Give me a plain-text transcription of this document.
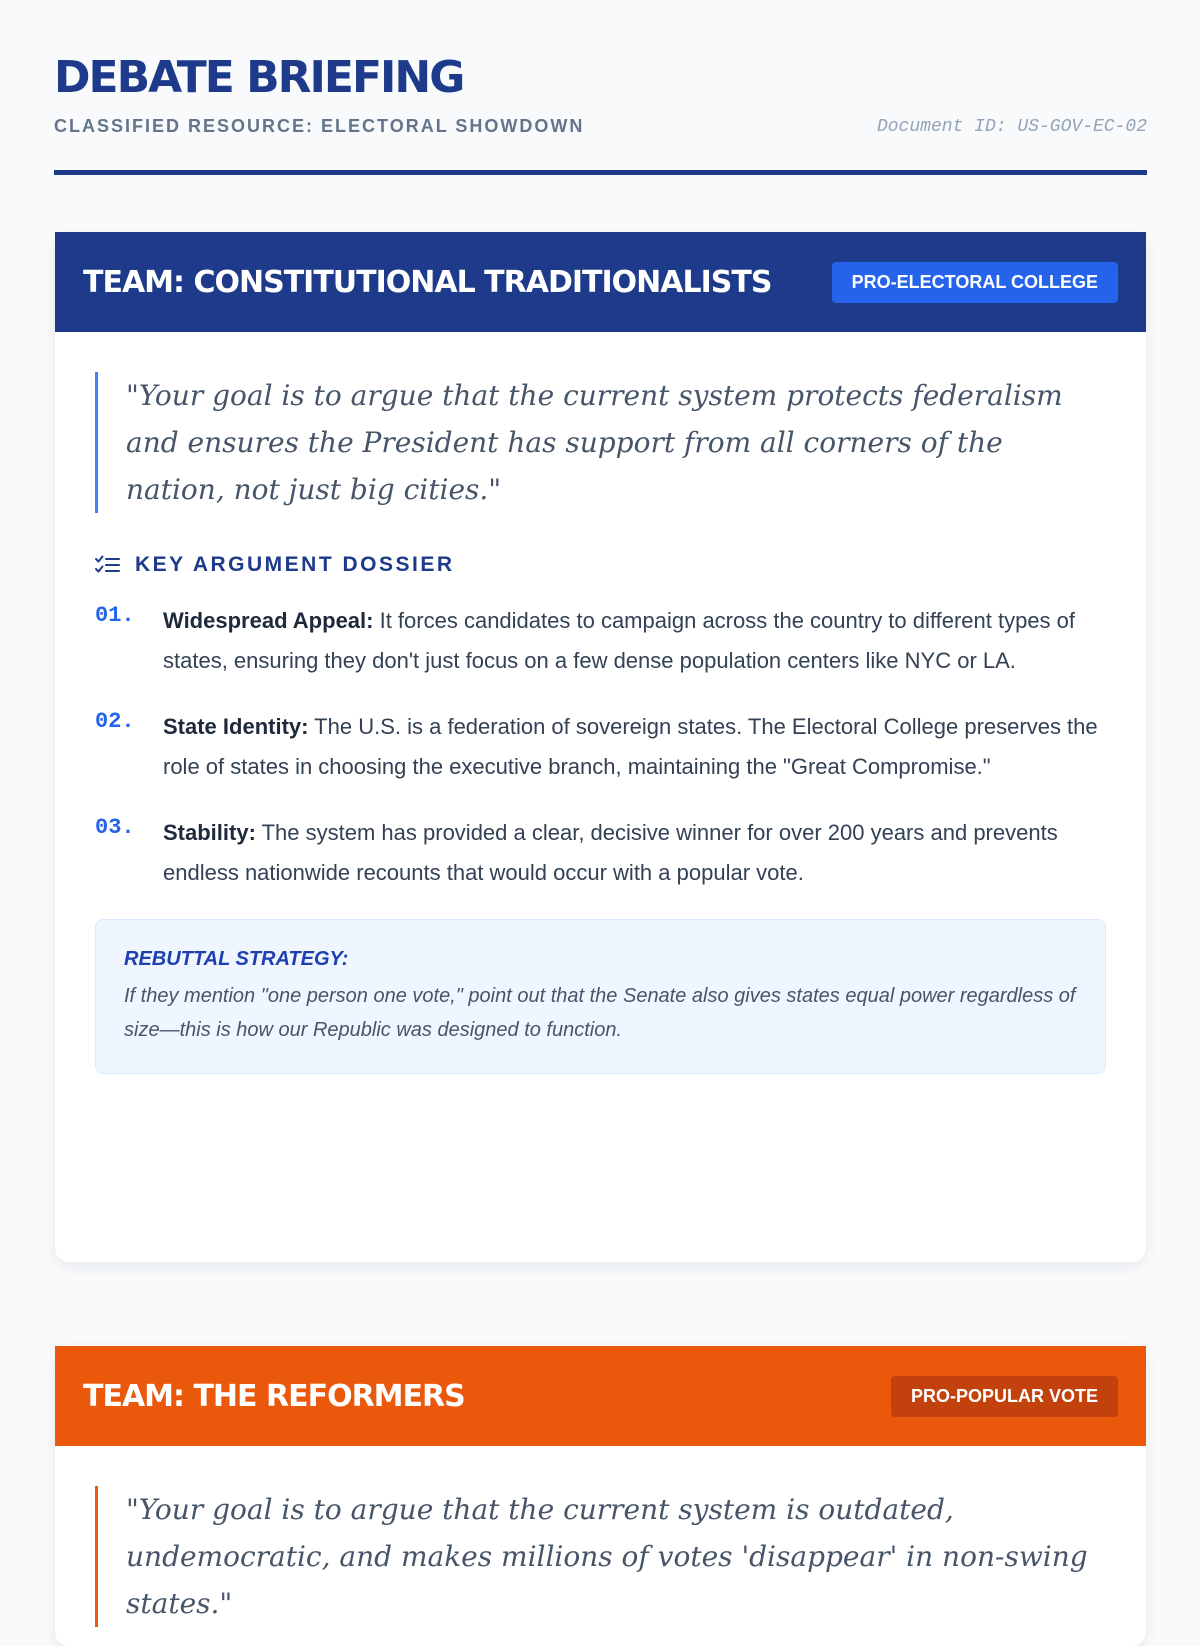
DEBATE BRIEFING
CLASSIFIED RESOURCE: ELECTORAL SHOWDOWN	Document ID: US-GOV-EC-02
TEAM: CONSTITUTIONAL TRADITIONALISTS	PRO-ELECTORAL COLLEGE
"Your goal is to argue that the current system protects federalism and ensures the President has support from all corners of the nation, not just big cities."
KEY ARGUMENT DOSSIER
01.	Widespread Appeal: It forces candidates to campaign across the country to different types of states, ensuring they don't just focus on a few dense population centers like NYC or LA.

02.	State Identity: The U.S. is a federation of sovereign states. The Electoral College preserves the role of states in choosing the executive branch, maintaining the "Great Compromise."

03.	Stability: The system has provided a clear, decisive winner for over 200 years and prevents endless nationwide recounts that would occur with a popular vote.

REBUTTAL STRATEGY:

If they mention "one person one vote," point out that the Senate also gives states equal power regardless of size—this is how our Republic was designed to function.

TEAM: THE REFORMERS	PRO-POPULAR VOTE
"Your goal is to argue that the current system is outdated, undemocratic, and makes millions of votes 'disappear' in non-swing states."
